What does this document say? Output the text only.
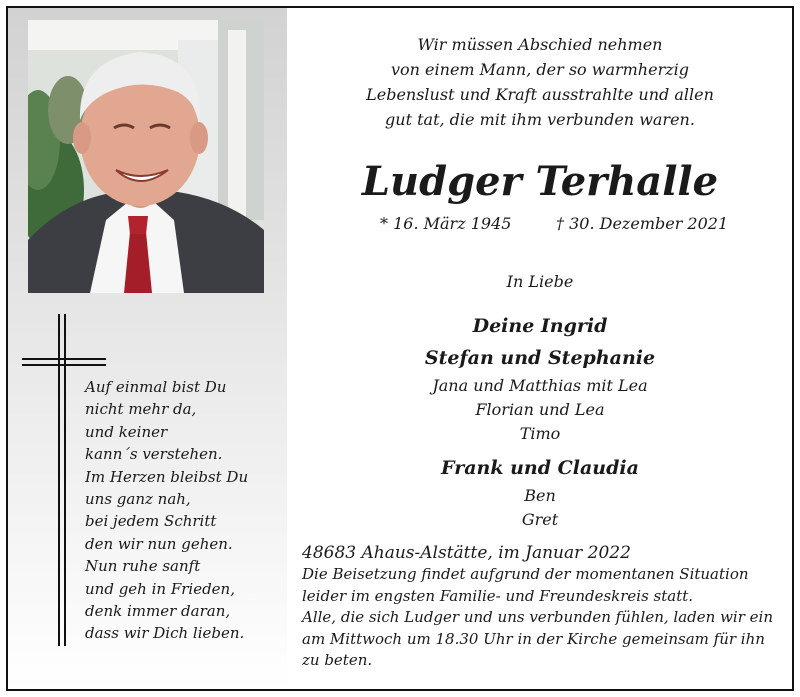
Auf einmal bist Du
nicht mehr da,
und keiner
kann´s verstehen.
Im Herzen bleibst Du
uns ganz nah,
bei jedem Schritt
den wir nun gehen.
Nun ruhe sanft
und geh in Frieden,
denk immer daran,
dass wir Dich lieben.
Wir müssen Abschied nehmen
von einem Mann, der so warmherzig
Lebenslust und Kraft ausstrahlte und allen
gut tat, die mit ihm verbunden waren.
Ludger Terhalle
* 16. März 1945	† 30. Dezember 2021
In Liebe
Deine Ingrid
Stefan und Stephanie
Jana und Matthias mit Lea
Florian und Lea
Timo
Frank und Claudia
Ben
Gret
48683 Ahaus-Alstätte, im Januar 2022
Die Beisetzung findet aufgrund der momentanen Situation
leider im engsten Familie- und Freundeskreis statt.
Alle, die sich Ludger und uns verbunden fühlen, laden wir ein
am Mittwoch um 18.30 Uhr in der Kirche gemeinsam für ihn
zu beten.
